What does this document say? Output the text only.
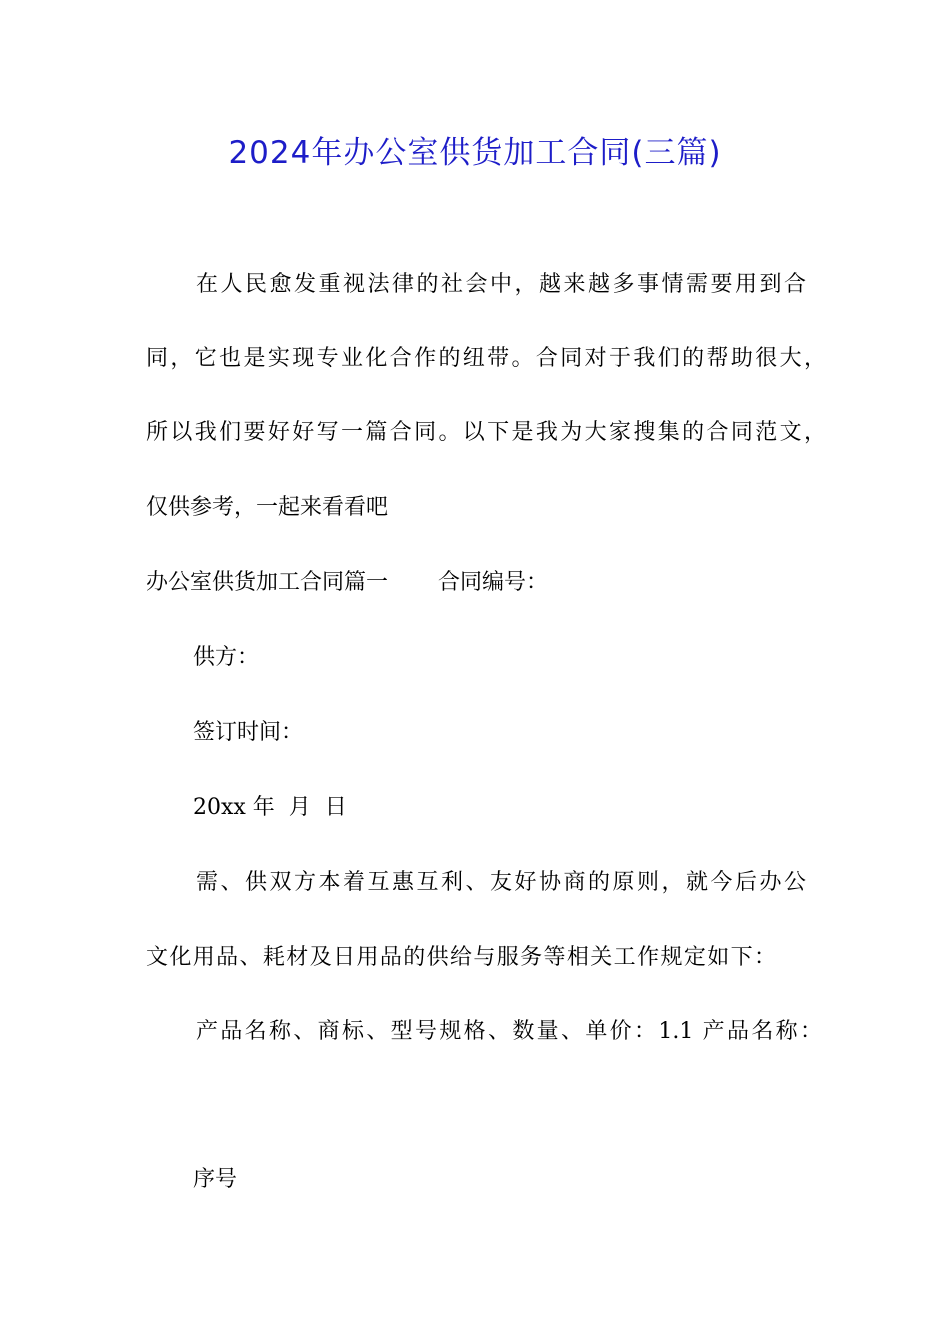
2024年办公室供货加工合同(三篇)
在人民愈发重视法律的社会中，越来越多事情需要用到合
同，它也是实现专业化合作的纽带。合同对于我们的帮助很大，
所以我们要好好写一篇合同。以下是我为大家搜集的合同范文，
仅供参考，一起来看看吧
办公室供货加工合同篇一 合同编号：
供方：
签订时间：
20xx 年  月  日
需、供双方本着互惠互利、友好协商的原则，就今后办公
文化用品、耗材及日用品的供给与服务等相关工作规定如下：
产品名称、商标、型号规格、数量、单价：1.1 产品名称：
序号
